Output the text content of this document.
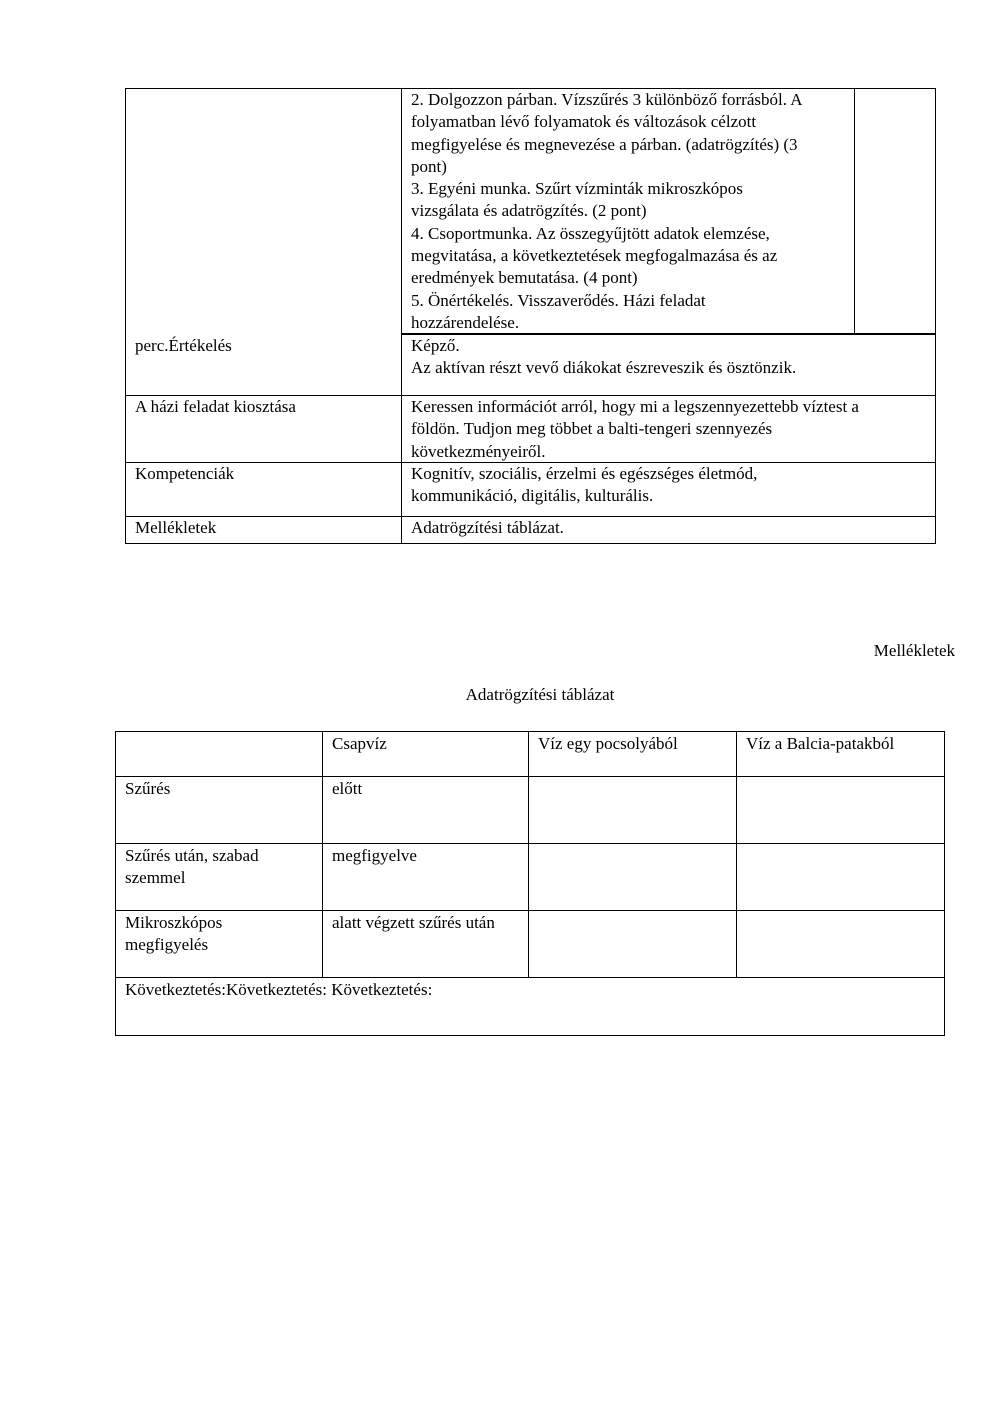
2. Dolgozzon párban. Vízszűrés 3 különböző forrásból. A
folyamatban lévő folyamatok és változások célzott
megfigyelése és megnevezése a párban. (adatrögzítés) (3
pont)
3. Egyéni munka. Szűrt vízminták mikroszkópos
vizsgálata és adatrögzítés. (2 pont)
4. Csoportmunka. Az összegyűjtött adatok elemzése,
megvitatása, a következtetések megfogalmazása és az
eredmények bemutatása. (4 pont)
5. Önértékelés. Visszaverődés. Házi feladat
hozzárendelése.
perc.Értékelés	Képző.
Az aktívan részt vevő diákokat észreveszik és ösztönzik.
A házi feladat kiosztása	Keressen információt arról, hogy mi a legszennyezettebb víztest a
földön. Tudjon meg többet a balti-tengeri szennyezés
következményeiről.
Kompetenciák	Kognitív, szociális, érzelmi és egészséges életmód,
kommunikáció, digitális, kulturális.
Mellékletek	Adatrögzítési táblázat.
Mellékletek
Adatrögzítési táblázat
	Csapvíz	Víz egy pocsolyából	Víz a Balcia-patakból
Szűrés	előtt		
Szűrés után, szabad
szemmel	megfigyelve		
Mikroszkópos
megfigyelés	alatt végzett szűrés után		
Következtetés:Következtetés: Következtetés:			
